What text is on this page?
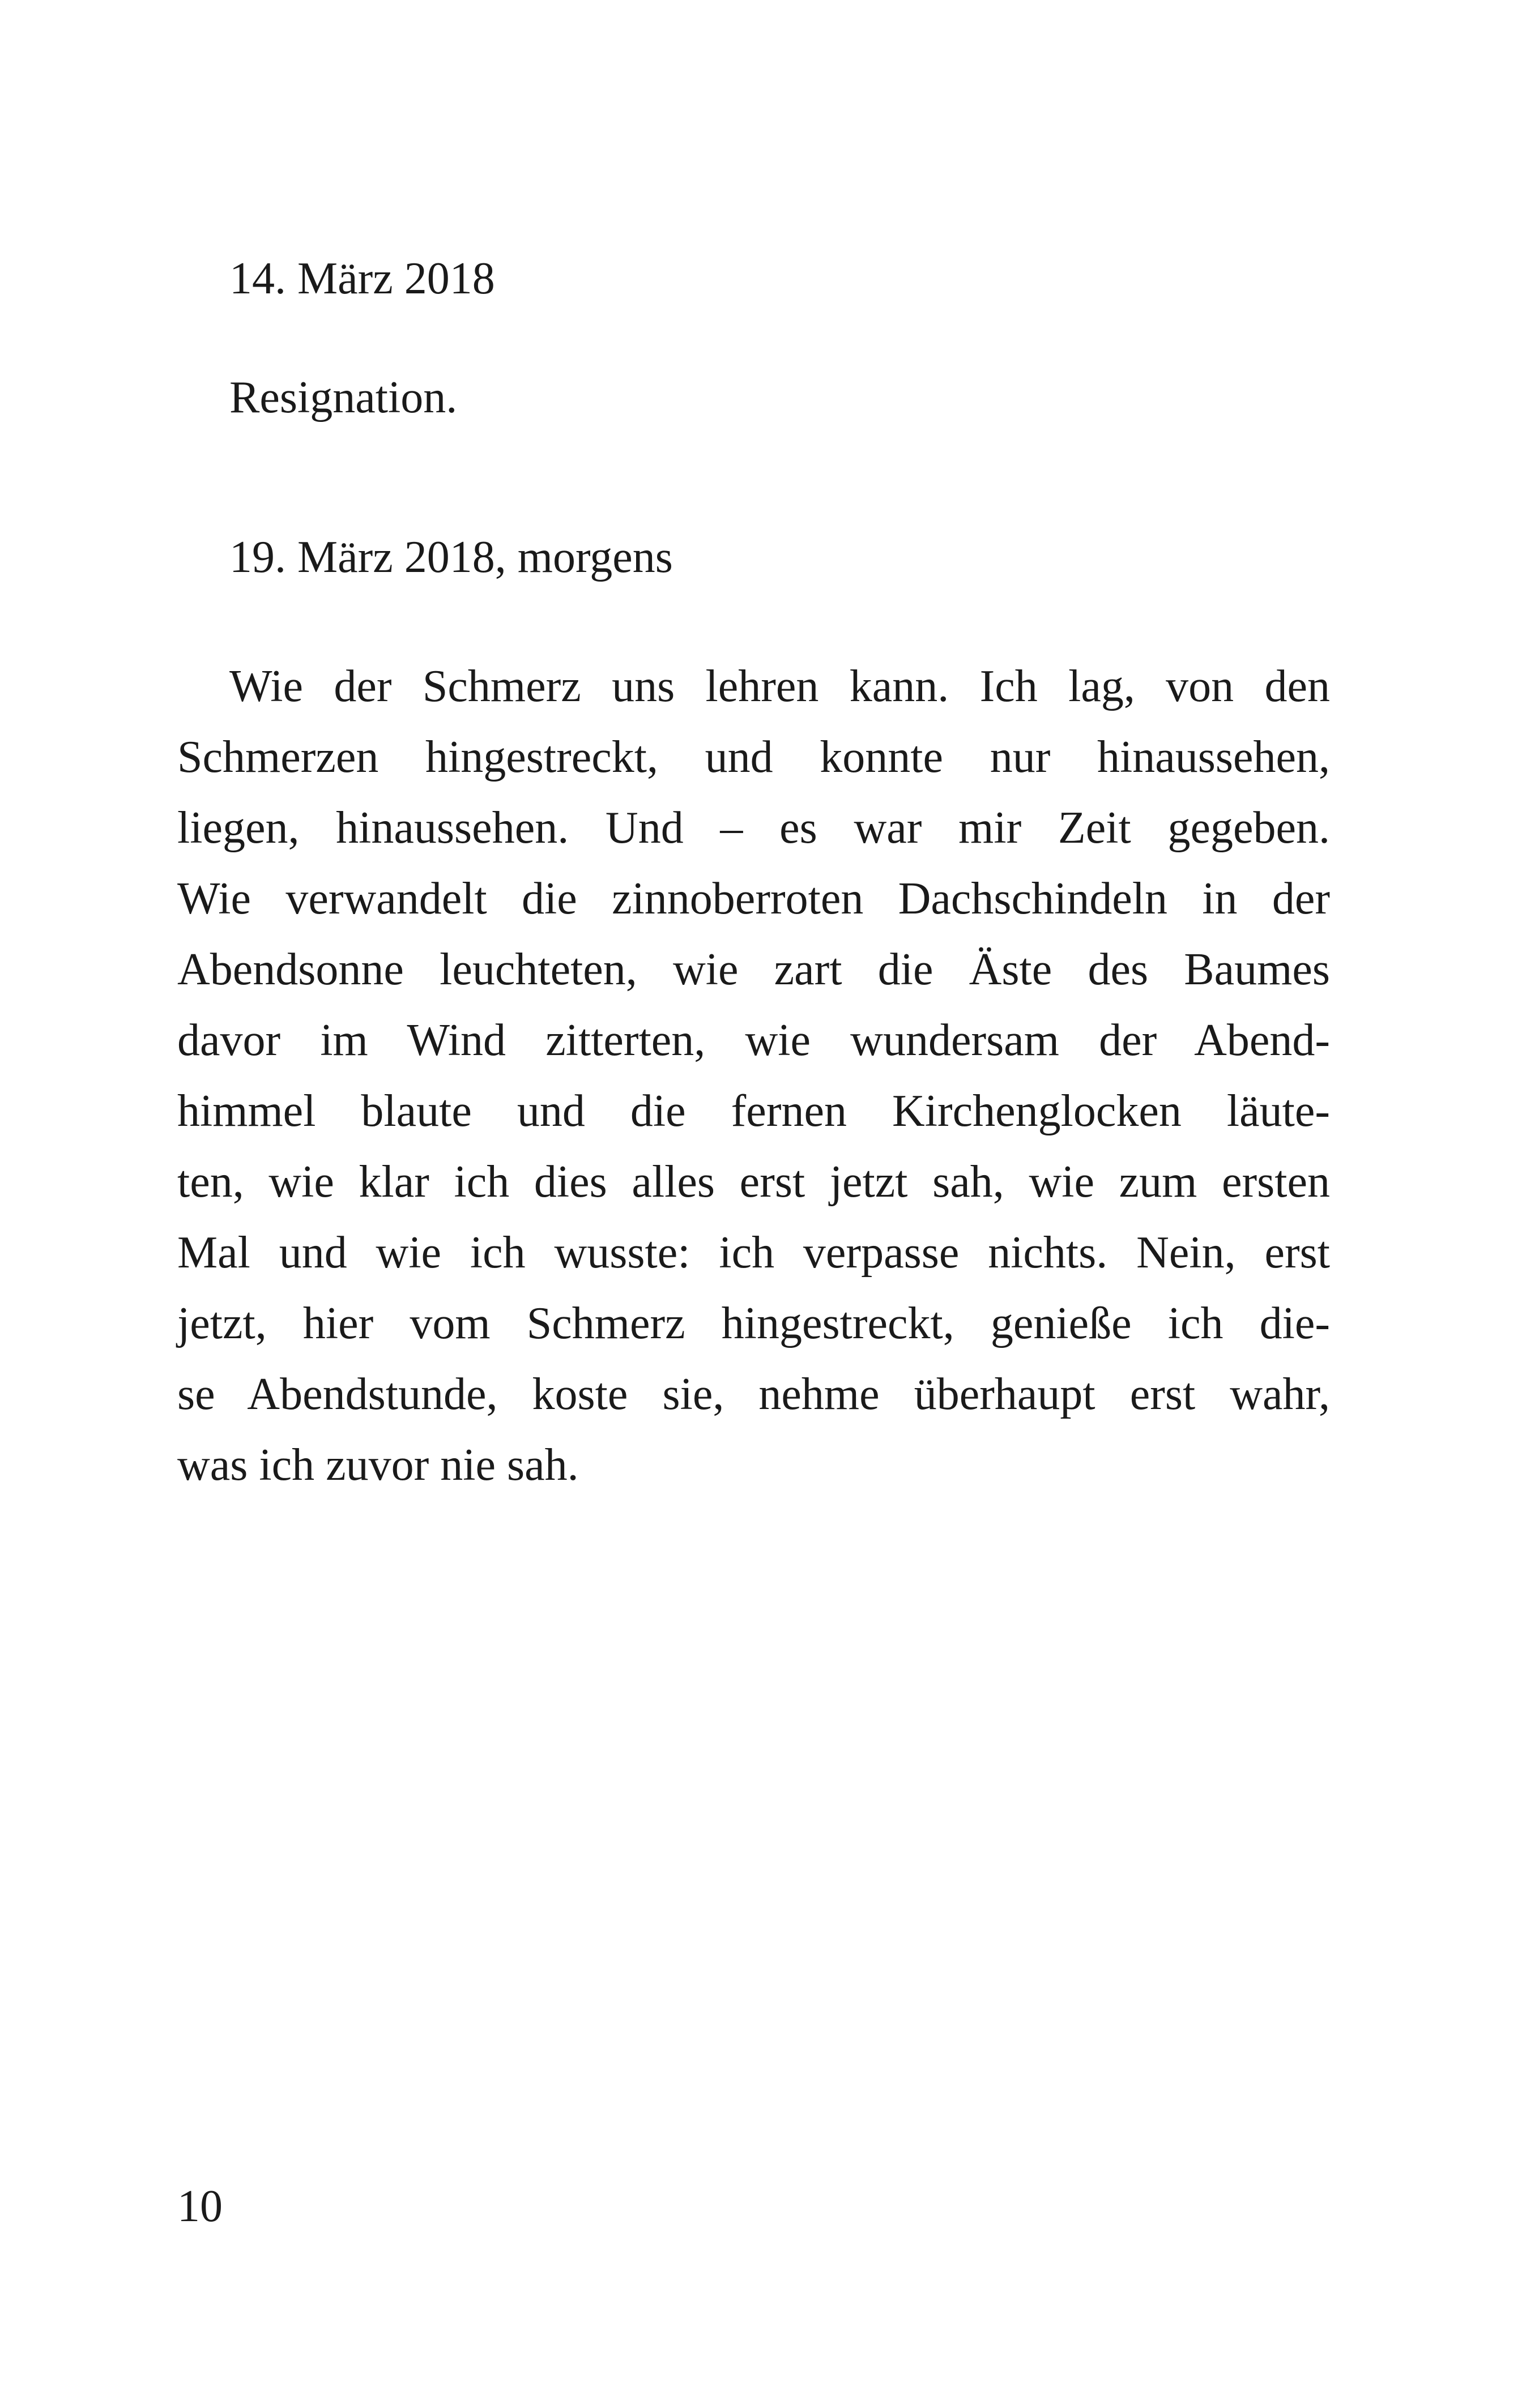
14. März 2018

Resignation.

19. März 2018, morgens

Wie der Schmerz uns lehren kann. Ich lag, von den
Schmerzen hingestreckt, und konnte nur hinaussehen,
liegen, hinaussehen. Und – es war mir Zeit gegeben.
Wie verwandelt die zinnoberroten Dachschindeln in der
Abendsonne leuchteten, wie zart die Äste des Baumes
davor im Wind zitterten, wie wundersam der Abend-
himmel blaute und die fernen Kirchenglocken läute-
ten, wie klar ich dies alles erst jetzt sah, wie zum ersten
Mal und wie ich wusste: ich verpasse nichts. Nein, erst
jetzt, hier vom Schmerz hingestreckt, genieße ich die-
se Abendstunde, koste sie, nehme überhaupt erst wahr,
was ich zuvor nie sah.

10
